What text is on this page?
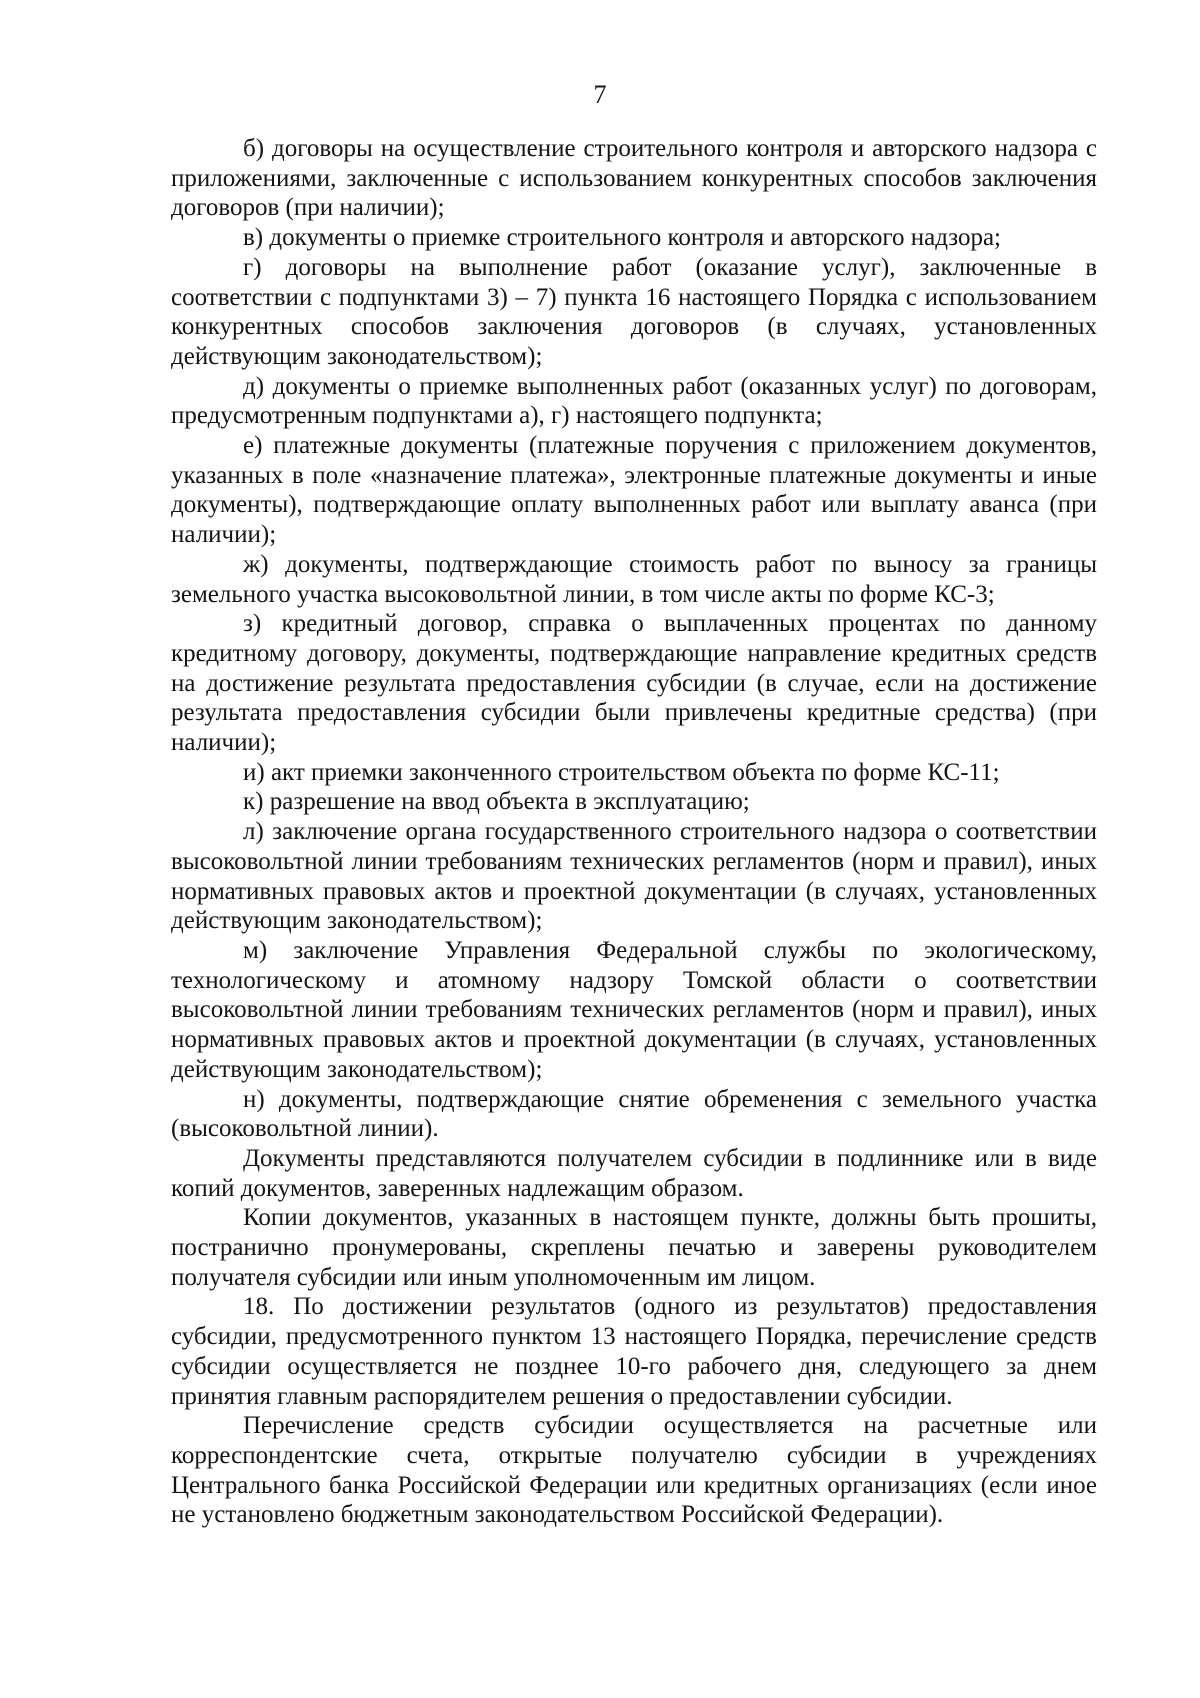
7

б) договоры на осуществление строительного контроля и авторского надзора с приложениями, заключенные с использованием конкурентных способов заключения договоров (при наличии);

в) документы о приемке строительного контроля и авторского надзора;

г) договоры на выполнение работ (оказание услуг), заключенные в соответствии с подпунктами 3) – 7) пункта 16 настоящего Порядка с использованием конкурентных способов заключения договоров (в случаях, установленных действующим законодательством);

д) документы о приемке выполненных работ (оказанных услуг) по договорам, предусмотренным подпунктами а), г) настоящего подпункта;

е) платежные документы (платежные поручения с приложением документов, указанных в поле «назначение платежа», электронные платежные документы и иные документы), подтверждающие оплату выполненных работ или выплату аванса (при наличии);

ж) документы, подтверждающие стоимость работ по выносу за границы земельного участка высоковольтной линии, в том числе акты по форме КС-3;

з) кредитный договор, справка о выплаченных процентах по данному кредитному договору, документы, подтверждающие направление кредитных средств на достижение результата предоставления субсидии (в случае, если на достижение результата предоставления субсидии были привлечены кредитные средства) (при наличии);

и) акт приемки законченного строительством объекта по форме КС-11;

к) разрешение на ввод объекта в эксплуатацию;

л) заключение органа государственного строительного надзора о соответствии высоковольтной линии требованиям технических регламентов (норм и правил), иных нормативных правовых актов и проектной документации (в случаях, установленных действующим законодательством);

м) заключение Управления Федеральной службы по экологическому, технологическому и атомному надзору Томской области о соответствии высоковольтной линии требованиям технических регламентов (норм и правил), иных нормативных правовых актов и проектной документации (в случаях, установленных действующим законодательством);

н) документы, подтверждающие снятие обременения с земельного участка (высоковольтной линии).

Документы представляются получателем субсидии в подлиннике или в виде копий документов, заверенных надлежащим образом.

Копии документов, указанных в настоящем пункте, должны быть прошиты, постранично пронумерованы, скреплены печатью и заверены руководителем получателя субсидии или иным уполномоченным им лицом.

18. По достижении результатов (одного из результатов) предоставления субсидии, предусмотренного пунктом 13 настоящего Порядка, перечисление средств субсидии осуществляется не позднее 10-го рабочего дня, следующего за днем принятия главным распорядителем решения о предоставлении субсидии.

Перечисление средств субсидии осуществляется на расчетные или корреспондентские счета, открытые получателю субсидии в учреждениях Центрального банка Российской Федерации или кредитных организациях (если иное не установлено бюджетным законодательством Российской Федерации).
